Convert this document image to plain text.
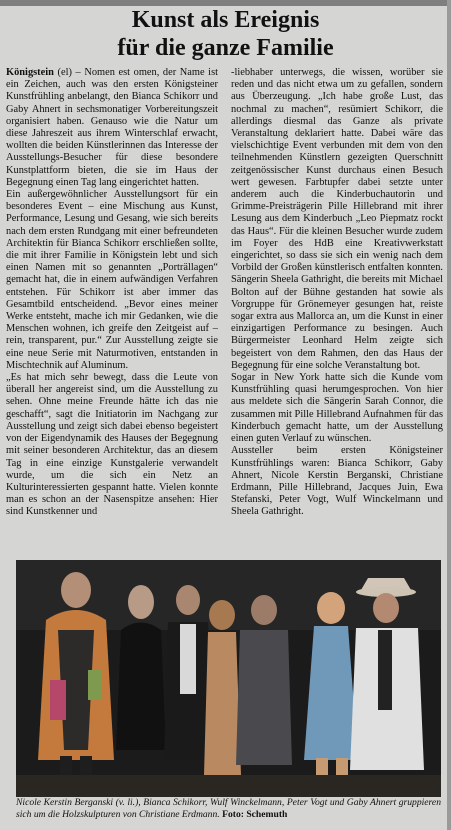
Kunst als Ereignis
für die ganze Familie

Königstein (el) – Nomen est omen, der Name ist ein Zeichen, auch was den ersten Königsteiner Kunstfrühling anbelangt, den Bianca Schikorr und Gaby Ahnert in sechsmonatiger Vorbereitungszeit organisiert haben. Genauso wie die Natur um diese Jahreszeit aus ihrem Winterschlaf erwacht, wollten die beiden Künstlerinnen das Interesse der Ausstellungs-Besucher für diese besondere Kunstplattform bieten, die sie im Haus der Begegnung einen Tag lang eingerichtet hatten.

Ein außergewöhnlicher Ausstellungsort für ein besonderes Event – eine Mischung aus Kunst, Performance, Lesung und Gesang, wie sich bereits nach dem ersten Rundgang mit einer befreundeten Architektin für Bianca Schikorr erschließen sollte, die mit ihrer Familie in Königstein lebt und sich einen Namen mit so genannten „Porträllagen“ gemacht hat, die in einem aufwändigen Verfahren entstehen. Für Schikorr ist aber immer das Gesamtbild entscheidend. „Bevor eines meiner Werke entsteht, mache ich mir Gedanken, wie die Menschen wohnen, ich greife den Zeitgeist auf – rein, transparent, pur.“ Zur Ausstellung zeigte sie eine neue Serie mit Naturmotiven, entstanden in Mischtechnik auf Aluminum.

„Es hat mich sehr bewegt, dass die Leute von überall her angereist sind, um die Ausstellung zu sehen. Ohne meine Freunde hätte ich das nie geschafft“, sagt die Initiatorin im Nachgang zur Ausstellung und zeigt sich dabei ebenso begeistert von der Eigendynamik des Hauses der Begegnung mit seiner besonderen Architektur, das an diesem Tag in eine einzige Kunstgalerie verwandelt wurde, um die sich ein Netz an Kulturinteressierten gespannt hatte. Vielen konnte man es schon an der Nasenspitze ansehen: Hier sind Kunstkenner und

-liebhaber unterwegs, die wissen, worüber sie reden und das nicht etwa um zu gefallen, sondern aus Überzeugung. „Ich habe große Lust, das nochmal zu machen“, resümiert Schikorr, die allerdings diesmal das Ganze als private Veranstaltung deklariert hatte. Dabei wäre das vielschichtige Event verbunden mit dem von den teilnehmenden Künstlern gezeigten Querschnitt zeitgenössischer Kunst durchaus einen Besuch wert gewesen. Farbtupfer dabei setzte unter anderem auch die Kinderbuchautorin und Grimme-Preisträgerin Pille Hillebrand mit ihrer Lesung aus dem Kinderbuch „Leo Piepmatz rockt das Haus“. Für die kleinen Besucher wurde zudem im Foyer des HdB eine Kreativwerkstatt eingerichtet, so dass sie sich ein wenig nach dem Vorbild der Großen künstlerisch entfalten konnten. Sängerin Sheela Gathright, die bereits mit Michael Bolton auf der Bühne gestanden hat sowie als Vorgruppe für Grönemeyer gesungen hat, reiste sogar extra aus Mallorca an, um die Kunst in einer einzigartigen Performance zu besingen. Auch Bürgermeister Leonhard Helm zeigte sich begeistert von dem Rahmen, den das Haus der Begegnung für eine solche Veranstaltung bot.

Sogar in New York hatte sich die Kunde vom Kunstfrühling quasi herumgesprochen. Von hier aus meldete sich die Sängerin Sarah Connor, die zusammen mit Pille Hillebrand Aufnahmen für das Kinderbuch gemacht hatte, um der Ausstellung einen guten Verlauf zu wünschen.

Aussteller beim ersten Königsteiner Kunstfrühlings waren: Bianca Schikorr, Gaby Ahnert, Nicole Kerstin Berganski, Christiane Erdmann, Pille Hillebrand, Jacques Juin, Ewa Stefanski, Peter Vogt, Wulf Winckelmann und Sheela Gathright.

Nicole Kerstin Berganski (v. li.), Bianca Schikorr, Wulf Winckelmann, Peter Vogt und Gaby Ahnert gruppieren sich um die Holzskulpturen von Christiane Erdmann. Foto: Schemuth
